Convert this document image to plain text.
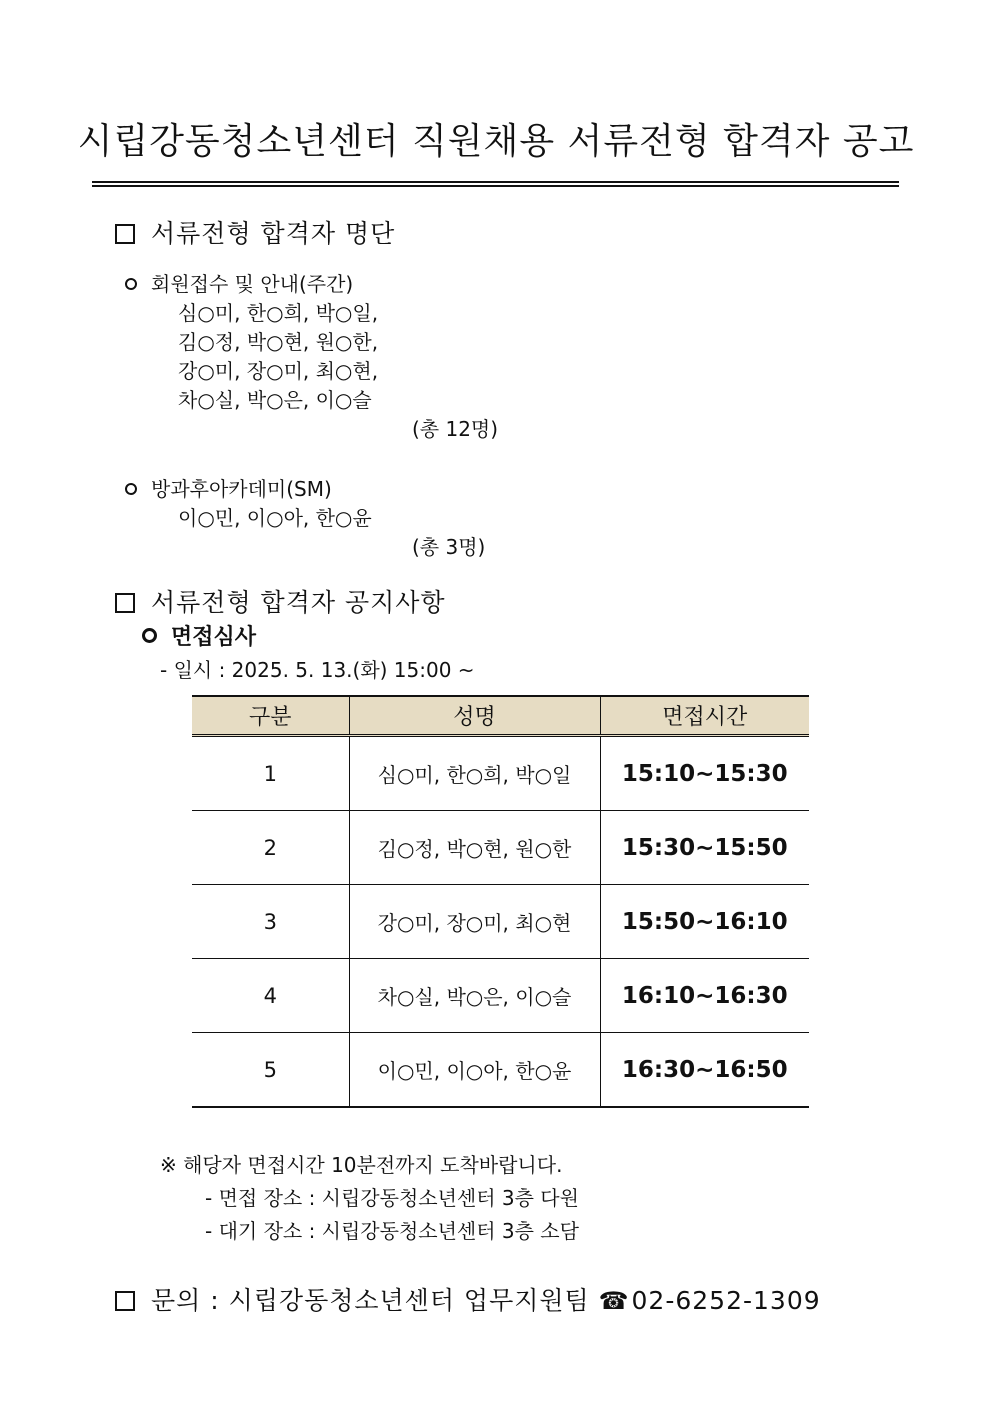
시립강동청소년센터 직원채용 서류전형 합격자 공고
서류전형 합격자 명단
회원접수 및 안내(주간)
심○미, 한○희, 박○일,
김○정, 박○현, 원○한,
강○미, 장○미, 최○현,
차○실, 박○은, 이○슬
(총 12명)
방과후아카데미(SM)
이○민, 이○아, 한○윤
(총 3명)
서류전형 합격자 공지사항
면접심사
- 일시 : 2025. 5. 13.(화) 15:00 ~
구분	성명	면접시간
1	심○미, 한○희, 박○일	15:10~15:30
2	김○정, 박○현, 원○한	15:30~15:50
3	강○미, 장○미, 최○현	15:50~16:10
4	차○실, 박○은, 이○슬	16:10~16:30
5	이○민, 이○아, 한○윤	16:30~16:50
※ 해당자 면접시간 10분전까지 도착바랍니다.
- 면접 장소 : 시립강동청소년센터 3층 다원
- 대기 장소 : 시립강동청소년센터 3층 소담
문의 : 시립강동청소년센터 업무지원팀 ☎02-6252-1309
